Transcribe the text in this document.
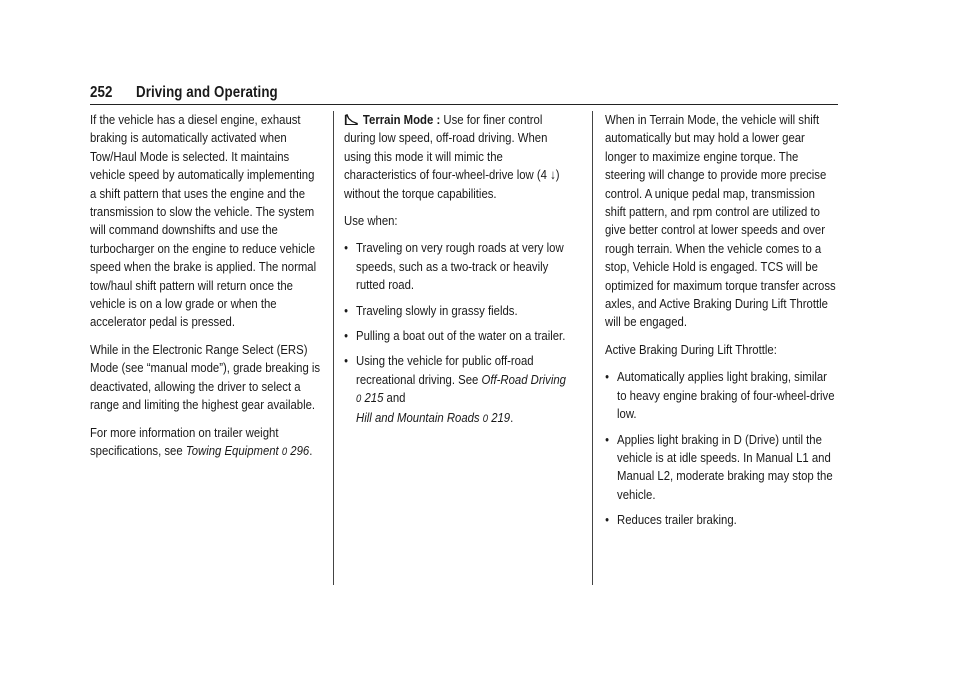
252 Driving and Operating

If the vehicle has a diesel engine, exhaust braking is automatically activated when Tow/Haul Mode is selected. It maintains vehicle speed by automatically implementing a shift pattern that uses the engine and the transmission to slow the vehicle. The system will command downshifts and use the turbocharger on the engine to reduce vehicle speed when the brake is applied. The normal tow/haul shift pattern will return once the vehicle is on a low grade or when the accelerator pedal is pressed.

While in the Electronic Range Select (ERS) Mode (see “manual mode”), grade breaking is deactivated, allowing the driver to select a range and limiting the highest gear available.

For more information on trailer weight specifications, see Towing Equipment 0 296.

Terrain Mode : Use for finer control during low speed, off-road driving. When using this mode it will mimic the characteristics of four-wheel-drive low (4 ↓) without the torque capabilities.

Use when:

● Traveling on very rough roads at very low speeds, such as a two-track or heavily rutted road.
● Traveling slowly in grassy fields.
● Pulling a boat out of the water on a trailer.
● Using the vehicle for public off-road recreational driving. See Off-Road Driving
0 215 and
Hill and Mountain Roads 0 219.

When in Terrain Mode, the vehicle will shift automatically but may hold a lower gear longer to maximize engine torque. The steering will change to provide more precise control. A unique pedal map, transmission shift pattern, and rpm control are utilized to give better control at lower speeds and over rough terrain. When the vehicle comes to a stop, Vehicle Hold is engaged. TCS will be optimized for maximum torque transfer across axles, and Active Braking During Lift Throttle will be engaged.

Active Braking During Lift Throttle:

● Automatically applies light braking, similar to heavy engine braking of four-wheel-drive low.
● Applies light braking in D (Drive) until the vehicle is at idle speeds. In Manual L1 and Manual L2, moderate braking may stop the vehicle.
● Reduces trailer braking.
